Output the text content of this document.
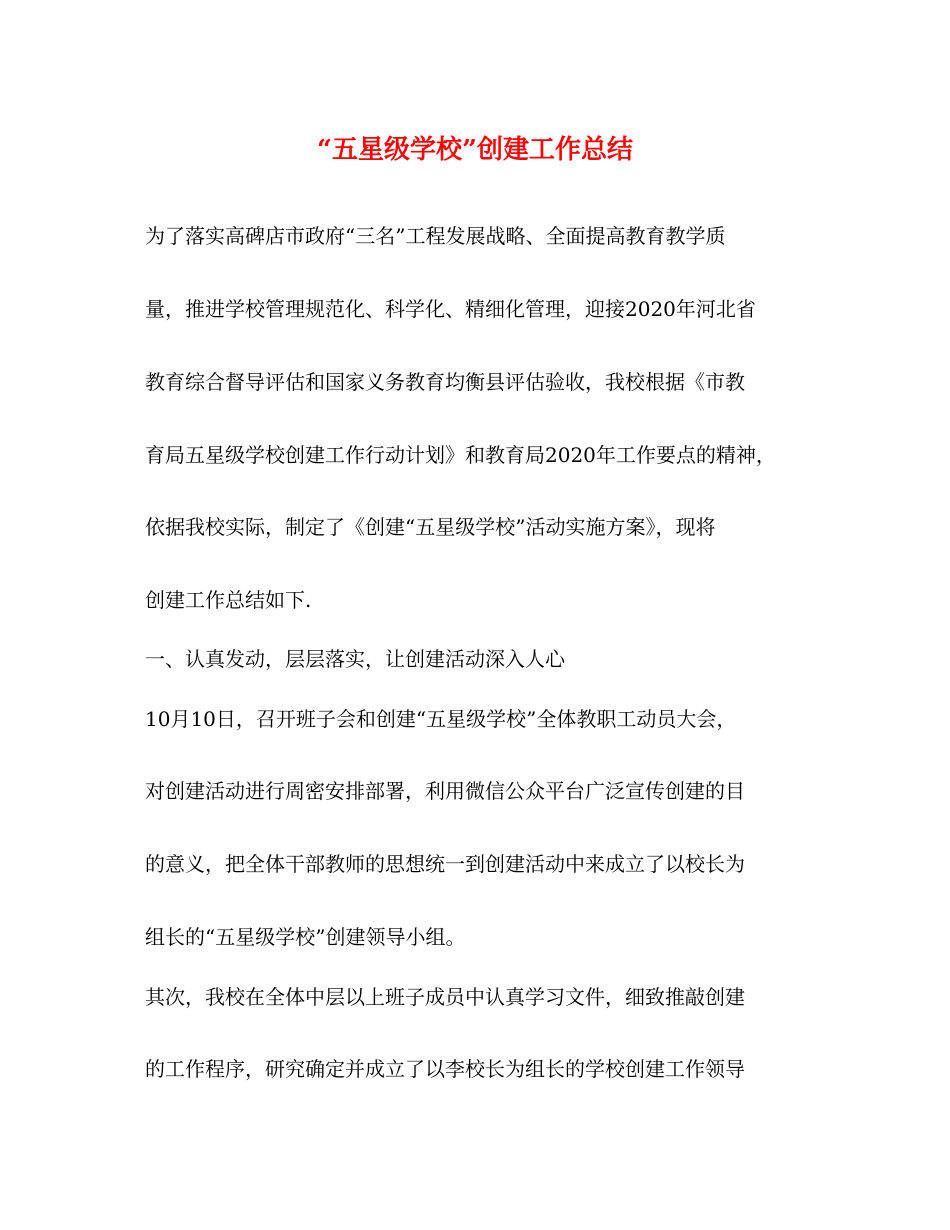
“五星级学校”创建工作总结

为了落实高碑店市政府“三名”工程发展战略、全面提高教育教学质

量，推进学校管理规范化、科学化、精细化管理，迎接2020年河北省

教育综合督导评估和国家义务教育均衡县评估验收，我校根据《市教

育局五星级学校创建工作行动计划》和教育局2020年工作要点的精神，

依据我校实际，制定了《创建“五星级学校”活动实施方案》，现将

创建工作总结如下.

一、认真发动，层层落实，让创建活动深入人心

10月10日，召开班子会和创建“五星级学校”全体教职工动员大会，

对创建活动进行周密安排部署，利用微信公众平台广泛宣传创建的目

的意义，把全体干部教师的思想统一到创建活动中来成立了以校长为

组长的“五星级学校”创建领导小组。

其次，我校在全体中层以上班子成员中认真学习文件，细致推敲创建

的工作程序，研究确定并成立了以李校长为组长的学校创建工作领导
